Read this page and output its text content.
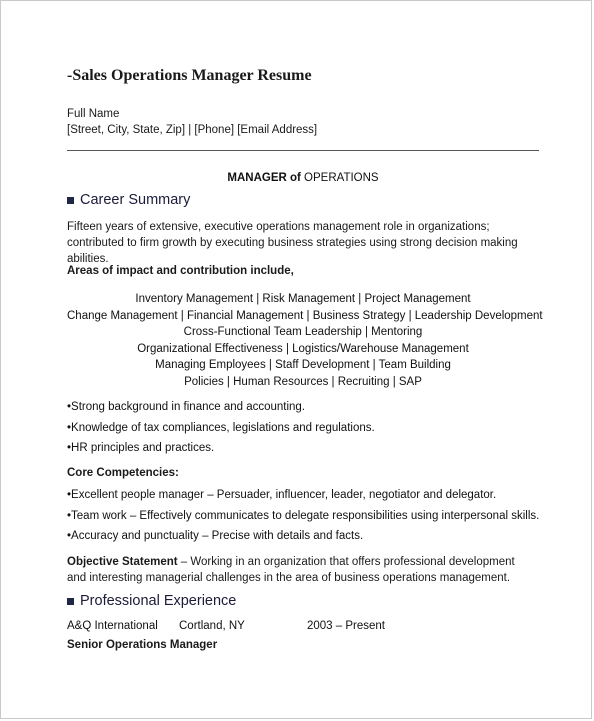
-Sales Operations Manager Resume
Full Name
[Street, City, State, Zip] | [Phone] [Email Address]
MANAGER of OPERATIONS
Career Summary
Fifteen years of extensive, executive operations management role in organizations; contributed to firm growth by executing business strategies using strong decision making abilities.
Areas of impact and contribution include,
Inventory Management | Risk Management | Project Management
Change Management | Financial Management | Business Strategy | Leadership Development
Cross-Functional Team Leadership | Mentoring
Organizational Effectiveness | Logistics/Warehouse Management
Managing Employees | Staff Development | Team Building
Policies | Human Resources | Recruiting | SAP
•Strong background in finance and accounting.
•Knowledge of tax compliances, legislations and regulations.
•HR principles and practices.
Core Competencies:
•Excellent people manager – Persuader, influencer, leader, negotiator and delegator.
•Team work – Effectively communicates to delegate responsibilities using interpersonal skills.
•Accuracy and punctuality – Precise with details and facts.
Objective Statement – Working in an organization that offers professional development and interesting managerial challenges in the area of business operations management.
Professional Experience
A&Q International Cortland, NY	2003 – Present
Senior Operations Manager
